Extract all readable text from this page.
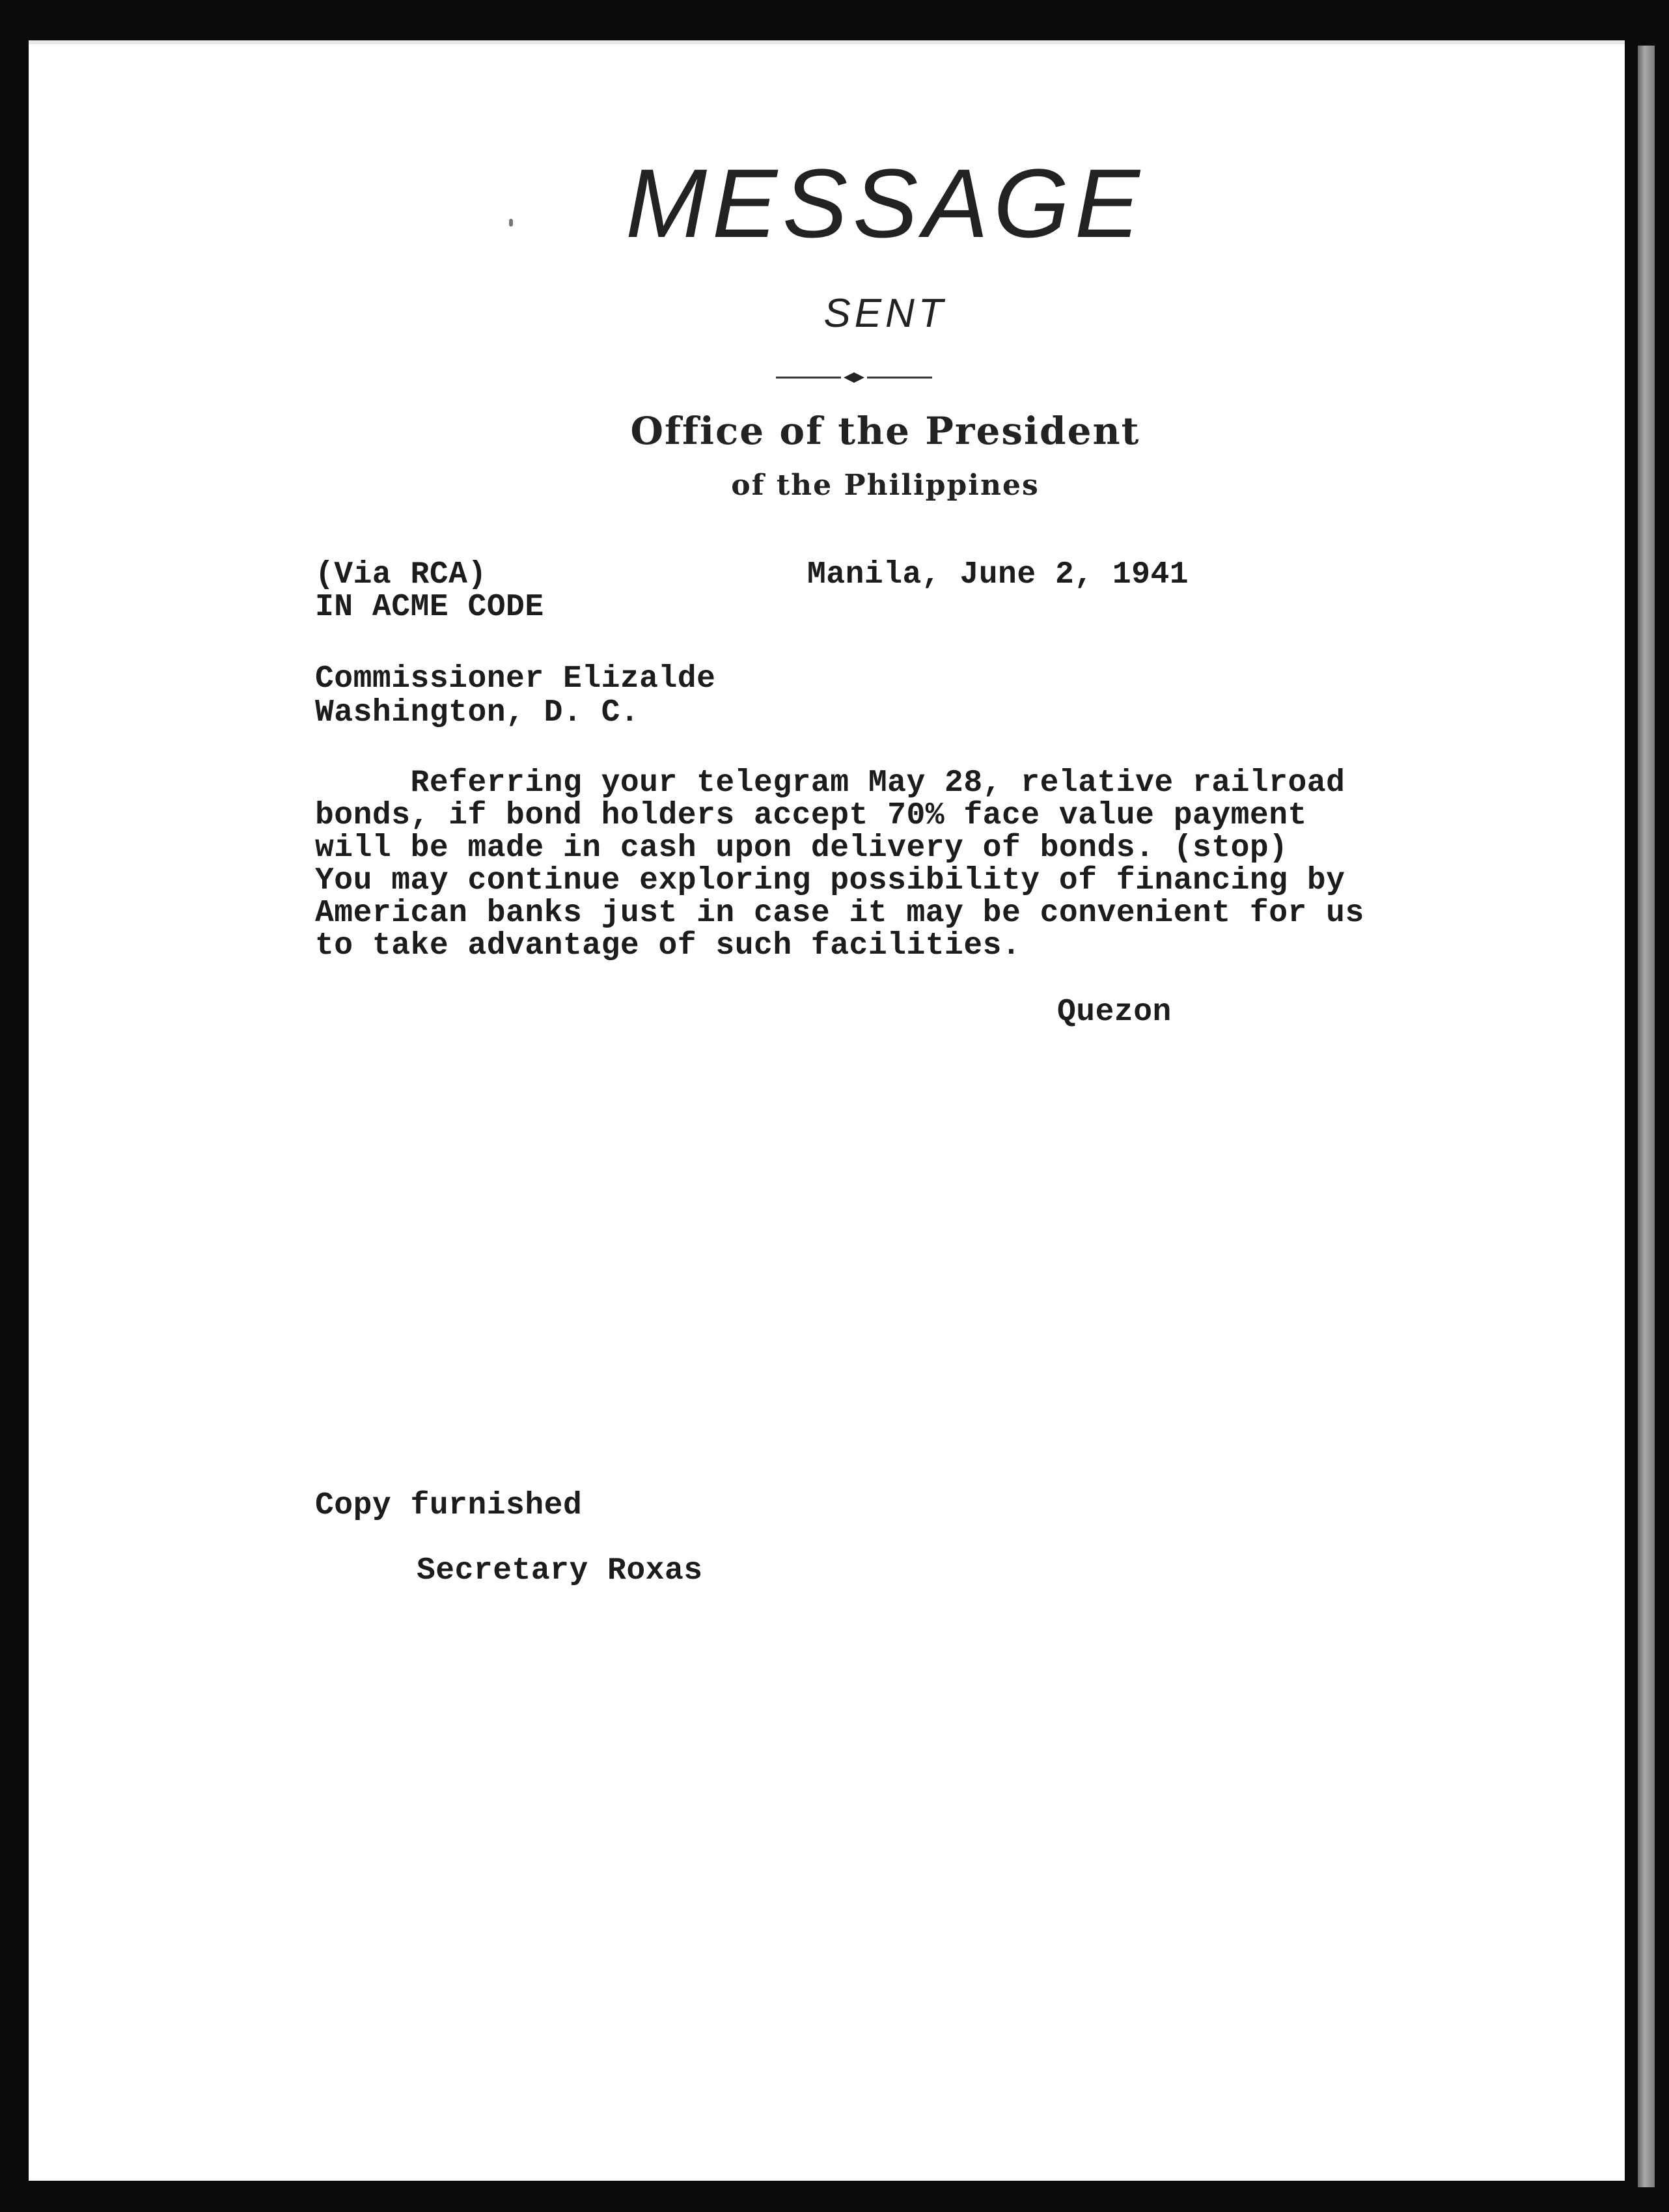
MESSAGE
SENT
Office of the President
of the Philippines
(Via RCA)	Manila, June 2, 1941
IN ACME CODE
Commissioner Elizalde
Washington, D. C.
Referring your telegram May 28, relative railroad
bonds, if bond holders accept 70% face value payment
will be made in cash upon delivery of bonds. (stop)
You may continue exploring possibility of financing by
American banks just in case it may be convenient for us
to take advantage of such facilities.
Quezon
Copy furnished
Secretary Roxas
